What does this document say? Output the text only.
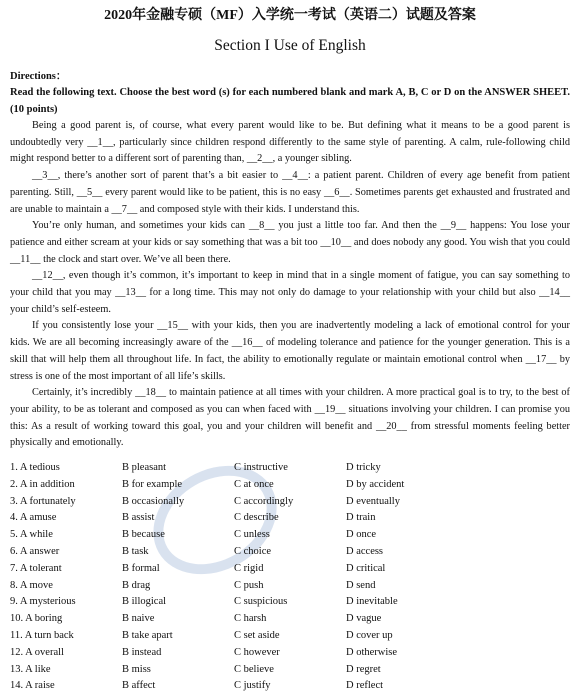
2020年金融专硕（MF）入学统一考试（英语二）试题及答案
Section I Use of English
Directions：
Read the following text. Choose the best word (s) for each numbered blank and mark A, B, C or D on the ANSWER SHEET. (10 points)

Being a good parent is, of course, what every parent would like to be. But defining what it means to be a good parent is undoubtedly very __1__, particularly since children respond differently to the same style of parenting. A calm, rule-following child might respond better to a different sort of parenting than, __2__, a younger sibling.

__3__, there’s another sort of parent that’s a bit easier to __4__: a patient parent. Children of every age benefit from patient parenting. Still, __5__ every parent would like to be patient, this is no easy __6__. Sometimes parents get exhausted and frustrated and are unable to maintain a __7__ and composed style with their kids. I understand this.

You’re only human, and sometimes your kids can __8__ you just a little too far. And then the __9__ happens: You lose your patience and either scream at your kids or say something that was a bit too __10__ and does nobody any good. You wish that you could __11__ the clock and start over. We’ve all been there.

__12__, even though it’s common, it’s important to keep in mind that in a single moment of fatigue, you can say something to your child that you may __13__ for a long time. This may not only do damage to your relationship with your child but also __14__ your child’s self-esteem.

If you consistently lose your __15__ with your kids, then you are inadvertently modeling a lack of emotional control for your kids. We are all becoming increasingly aware of the __16__ of modeling tolerance and patience for the younger generation. This is a skill that will help them all throughout life. In fact, the ability to emotionally regulate or maintain emotional control when __17__ by stress is one of the most important of all life’s skills.

Certainly, it’s incredibly __18__ to maintain patience at all times with your children. A more practical goal is to try, to the best of your ability, to be as tolerant and composed as you can when faced with __19__ situations involving your children. I can promise you this: As a result of working toward this goal, you and your children will benefit and __20__ from stressful moments feeling better physically and emotionally.

1. A tedious	B pleasant	C instructive	D tricky
2. A in addition	B for example	C at once	D by accident
3. A fortunately	B occasionally	C accordingly	D eventually
4. A amuse	B assist	C describe	D train
5. A while	B because	C unless	D once
6. A answer	B task	C choice	D access
7. A tolerant	B formal	C rigid	D critical
8. A move	B drag	C push	D send
9. A mysterious	B illogical	C suspicious	D inevitable
10. A boring	B naive	C harsh	D vague
11. A turn back	B take apart	C set aside	D cover up
12. A overall	B instead	C however	D otherwise
13. A like	B miss	C believe	D regret
14. A raise	B affect	C justify	D reflect
